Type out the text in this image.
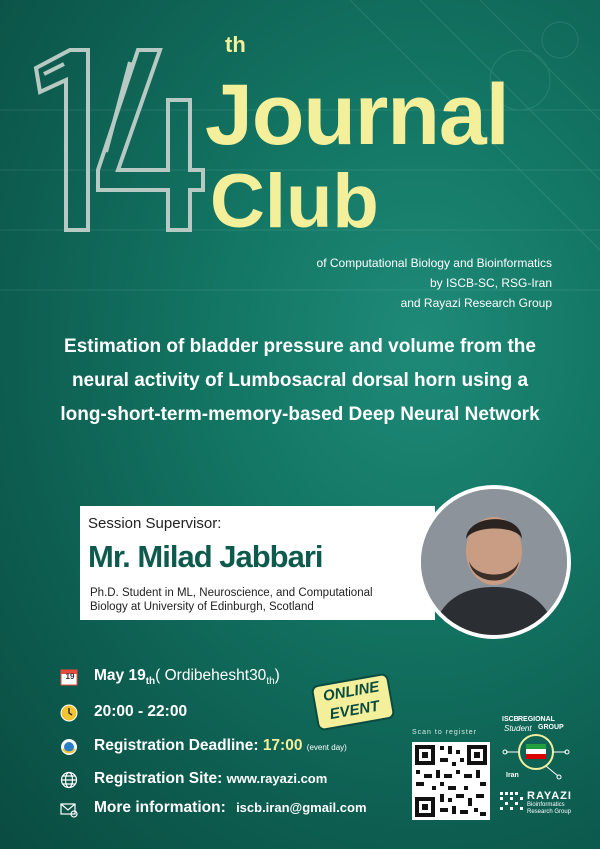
th
Journal
Club
of Computational Biology and Bioinformatics
by ISCB-SC, RSG-Iran
and Rayazi Research Group
Estimation of bladder pressure and volume from the
neural activity of Lumbosacral dorsal horn using a
long-short-term-memory-based Deep Neural Network
Session Supervisor:
Mr. Milad Jabbari
Ph.D. Student in ML, Neuroscience, and Computational
Biology at University of Edinburgh, Scotland
19 May $19_{th}$( $Ordibehesht30_{th}$)
20:00 - 22:00
Registration Deadline: 17:00 (event day)
Registration Site: www.rayazi.com
More information: iscb.iran@gmail.com
ONLINE
EVENT
Scan to register
ISCB REGIONAL
Student GROUP
Iran
RAYAZI
Bioinformatics
Research Group
